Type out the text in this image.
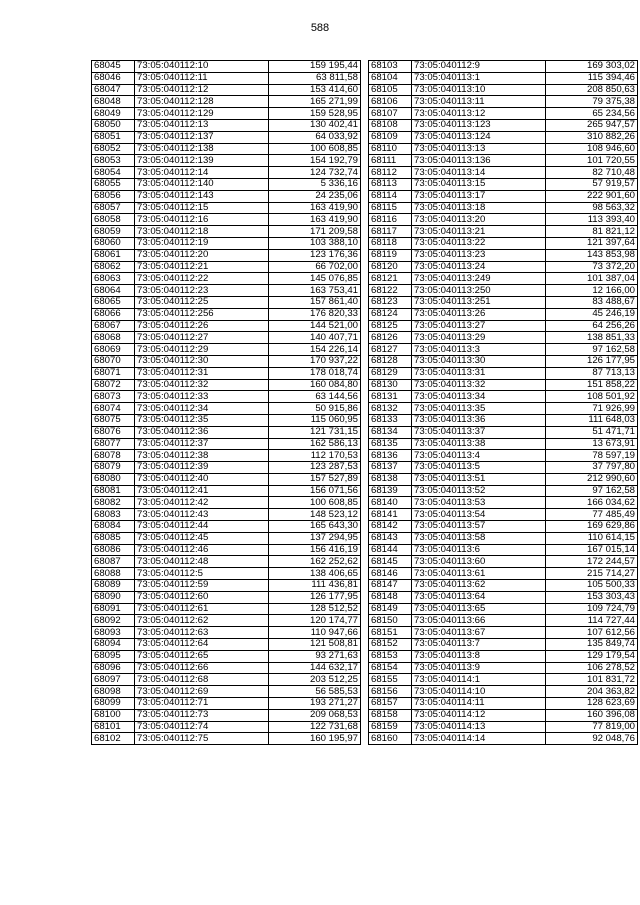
588
68045	73:05:040112:10	159 195,44
68046	73:05:040112:11	63 811,58
68047	73:05:040112:12	153 414,60
68048	73:05:040112:128	165 271,99
68049	73:05:040112:129	159 528,95
68050	73:05:040112:13	130 402,41
68051	73:05:040112:137	64 033,92
68052	73:05:040112:138	100 608,85
68053	73:05:040112:139	154 192,79
68054	73:05:040112:14	124 732,74
68055	73:05:040112:140	5 336,16
68056	73:05:040112:143	24 235,06
68057	73:05:040112:15	163 419,90
68058	73:05:040112:16	163 419,90
68059	73:05:040112:18	171 209,58
68060	73:05:040112:19	103 388,10
68061	73:05:040112:20	123 176,36
68062	73:05:040112:21	66 702,00
68063	73:05:040112:22	145 076,85
68064	73:05:040112:23	163 753,41
68065	73:05:040112:25	157 861,40
68066	73:05:040112:256	176 820,33
68067	73:05:040112:26	144 521,00
68068	73:05:040112:27	140 407,71
68069	73:05:040112:29	154 226,14
68070	73:05:040112:30	170 937,22
68071	73:05:040112:31	178 018,74
68072	73:05:040112:32	160 084,80
68073	73:05:040112:33	63 144,56
68074	73:05:040112:34	50 915,86
68075	73:05:040112:35	115 060,95
68076	73:05:040112:36	121 731,15
68077	73:05:040112:37	162 586,13
68078	73:05:040112:38	112 170,53
68079	73:05:040112:39	123 287,53
68080	73:05:040112:40	157 527,89
68081	73:05:040112:41	156 071,56
68082	73:05:040112:42	100 608,85
68083	73:05:040112:43	148 523,12
68084	73:05:040112:44	165 643,30
68085	73:05:040112:45	137 294,95
68086	73:05:040112:46	156 416,19
68087	73:05:040112:48	162 252,62
68088	73:05:040112:5	138 406,65
68089	73:05:040112:59	111 436,81
68090	73:05:040112:60	126 177,95
68091	73:05:040112:61	128 512,52
68092	73:05:040112:62	120 174,77
68093	73:05:040112:63	110 947,66
68094	73:05:040112:64	121 508,81
68095	73:05:040112:65	93 271,63
68096	73:05:040112:66	144 632,17
68097	73:05:040112:68	203 512,25
68098	73:05:040112:69	56 585,53
68099	73:05:040112:71	193 271,27
68100	73:05:040112:73	209 068,53
68101	73:05:040112:74	122 731,68
68102	73:05:040112:75	160 195,97
68103	73:05:040112:9	169 303,02
68104	73:05:040113:1	115 394,46
68105	73:05:040113:10	208 850,63
68106	73:05:040113:11	79 375,38
68107	73:05:040113:12	65 234,56
68108	73:05:040113:123	265 947,57
68109	73:05:040113:124	310 882,26
68110	73:05:040113:13	108 946,60
68111	73:05:040113:136	101 720,55
68112	73:05:040113:14	82 710,48
68113	73:05:040113:15	57 919,57
68114	73:05:040113:17	222 901,60
68115	73:05:040113:18	98 563,32
68116	73:05:040113:20	113 393,40
68117	73:05:040113:21	81 821,12
68118	73:05:040113:22	121 397,64
68119	73:05:040113:23	143 853,98
68120	73:05:040113:24	73 372,20
68121	73:05:040113:249	101 387,04
68122	73:05:040113:250	12 166,00
68123	73:05:040113:251	83 488,67
68124	73:05:040113:26	45 246,19
68125	73:05:040113:27	64 256,26
68126	73:05:040113:29	138 851,33
68127	73:05:040113:3	97 162,58
68128	73:05:040113:30	126 177,95
68129	73:05:040113:31	87 713,13
68130	73:05:040113:32	151 858,22
68131	73:05:040113:34	108 501,92
68132	73:05:040113:35	71 926,99
68133	73:05:040113:36	111 648,03
68134	73:05:040113:37	51 471,71
68135	73:05:040113:38	13 673,91
68136	73:05:040113:4	78 597,19
68137	73:05:040113:5	37 797,80
68138	73:05:040113:51	212 990,60
68139	73:05:040113:52	97 162,58
68140	73:05:040113:53	166 034,62
68141	73:05:040113:54	77 485,49
68142	73:05:040113:57	169 629,86
68143	73:05:040113:58	110 614,15
68144	73:05:040113:6	167 015,14
68145	73:05:040113:60	172 244,57
68146	73:05:040113:61	215 714,27
68147	73:05:040113:62	105 500,33
68148	73:05:040113:64	153 303,43
68149	73:05:040113:65	109 724,79
68150	73:05:040113:66	114 727,44
68151	73:05:040113:67	107 612,56
68152	73:05:040113:7	135 849,74
68153	73:05:040113:8	129 179,54
68154	73:05:040113:9	106 278,52
68155	73:05:040114:1	101 831,72
68156	73:05:040114:10	204 363,82
68157	73:05:040114:11	128 623,69
68158	73:05:040114:12	160 396,08
68159	73:05:040114:13	77 819,00
68160	73:05:040114:14	92 048,76
